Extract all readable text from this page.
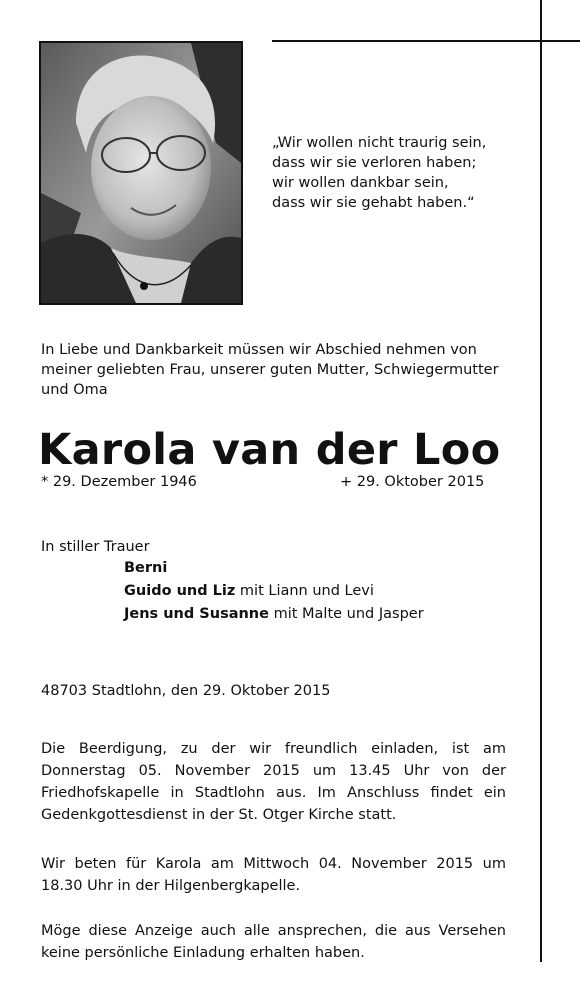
„Wir wollen nicht traurig sein,
dass wir sie verloren haben;
wir wollen dankbar sein,
dass wir sie gehabt haben.“
In Liebe und Dankbarkeit müssen wir Abschied nehmen von
meiner geliebten Frau, unserer guten Mutter, Schwiegermutter
und Oma
Karola van der Loo
* 29. Dezember 1946	+ 29. Oktober 2015
In stiller Trauer
Berni
Guido und Liz mit Liann und Levi
Jens und Susanne mit Malte und Jasper
48703 Stadtlohn, den 29. Oktober 2015
Die Beerdigung, zu der wir freundlich einladen, ist am Donnerstag 05. November 2015 um 13.45 Uhr von der Friedhofskapelle in Stadtlohn aus. Im Anschluss findet ein Gedenkgottesdienst in der St. Otger Kirche statt.
Wir beten für Karola am Mittwoch 04. November 2015 um 18.30 Uhr in der Hilgenbergkapelle.
Möge diese Anzeige auch alle ansprechen, die aus Versehen keine persönliche Einladung erhalten haben.
